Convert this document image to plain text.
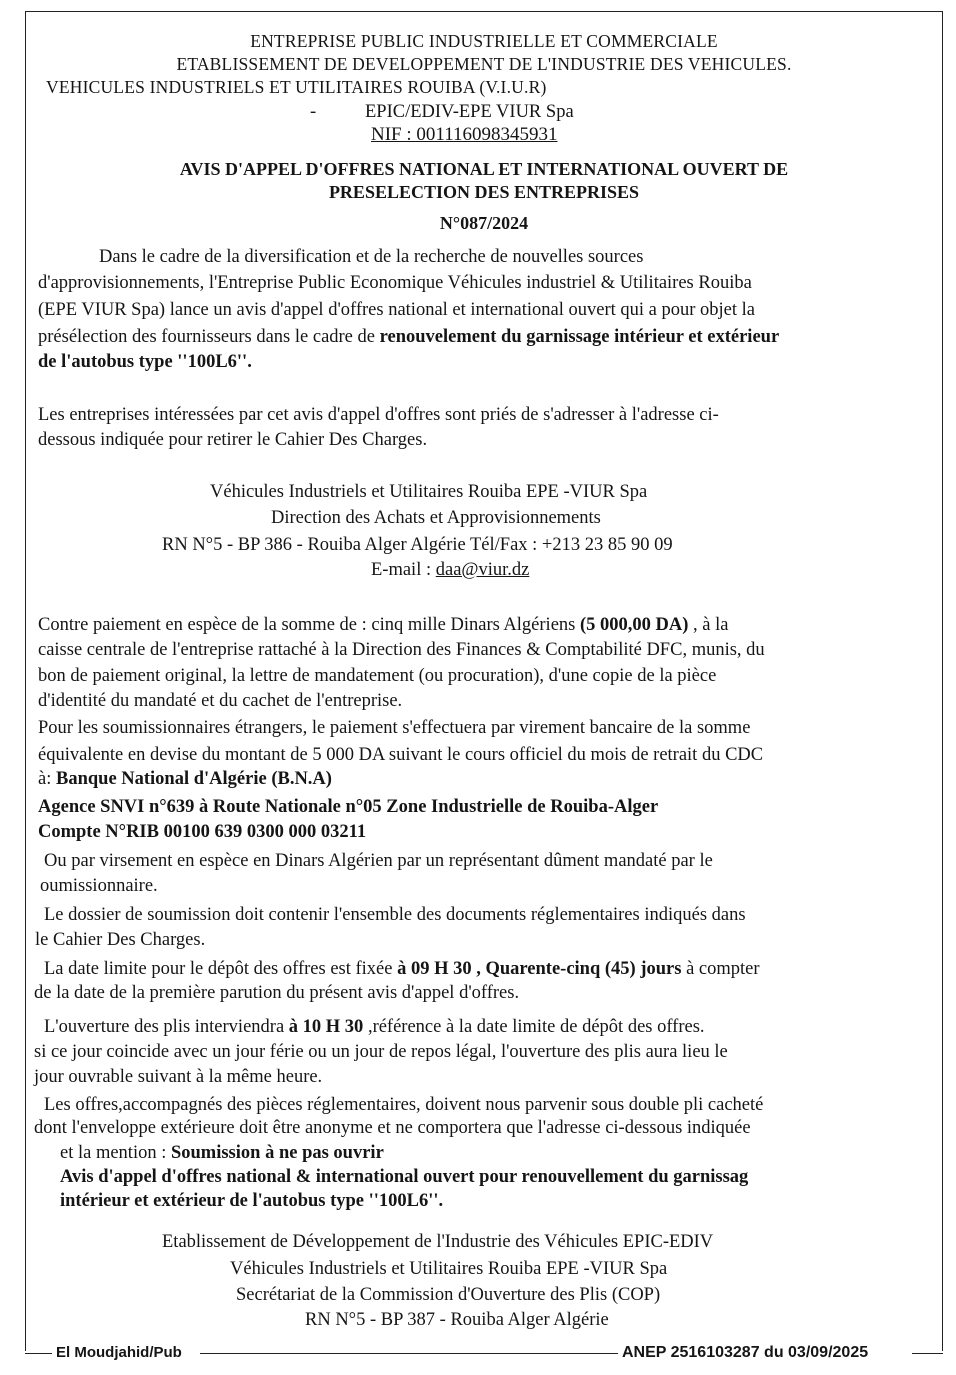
ENTREPRISE PUBLIC INDUSTRIELLE ET COMMERCIALE
ETABLISSEMENT DE DEVELOPPEMENT DE L'INDUSTRIE DES VEHICULES.
VEHICULES INDUSTRIELS ET UTILITAIRES ROUIBA (V.I.U.R)
-	EPIC/EDIV-EPE VIUR Spa
NIF : 001116098345931
AVIS D'APPEL D'OFFRES NATIONAL ET INTERNATIONAL OUVERT DE
PRESELECTION DES ENTREPRISES
N°087/2024
Dans le cadre de la diversification et de la recherche de nouvelles sources
d'approvisionnements, l'Entreprise Public Economique Véhicules industriel & Utilitaires Rouiba
(EPE VIUR Spa) lance un avis d'appel d'offres national et international ouvert qui a pour objet la
présélection des fournisseurs dans le cadre de renouvelement du garnissage intérieur et extérieur
de l'autobus type ''100L6''.
Les entreprises intéressées par cet avis d'appel d'offres sont priés de s'adresser à l'adresse ci-
dessous indiquée pour retirer le Cahier Des Charges.
Véhicules Industriels et Utilitaires Rouiba EPE -VIUR Spa
Direction des Achats et Approvisionnements
RN N°5 - BP 386 - Rouiba Alger Algérie Tél/Fax : +213 23 85 90 09
E-mail : daa@viur.dz
Contre paiement en espèce de la somme de : cinq mille Dinars Algériens (5 000,00 DA) , à la
caisse centrale de l'entreprise rattaché à la Direction des Finances & Comptabilité DFC, munis, du
bon de paiement original, la lettre de mandatement (ou procuration), d'une copie de la pièce
d'identité du mandaté et du cachet de l'entreprise.
Pour les soumissionnaires étrangers, le paiement s'effectuera par virement bancaire de la somme
équivalente en devise du montant de 5 000 DA suivant le cours officiel du mois de retrait du CDC
à: Banque National d'Algérie (B.N.A)
Agence SNVI n°639 à Route Nationale n°05 Zone Industrielle de Rouiba-Alger
Compte N°RIB 00100 639 0300 000 03211
Ou par virsement en espèce en Dinars Algérien par un représentant dûment mandaté par le
oumissionnaire.
Le dossier de soumission doit contenir l'ensemble des documents réglementaires indiqués dans
le Cahier Des Charges.
La date limite pour le dépôt des offres est fixée à 09 H 30 , Quarente-cinq (45) jours à compter
de la date de la première parution du présent avis d'appel d'offres.
L'ouverture des plis interviendra à 10 H 30 ,référence à la date limite de dépôt des offres.
si ce jour coincide avec un jour férie ou un jour de repos légal, l'ouverture des plis aura lieu le
jour ouvrable suivant à la même heure.
Les offres,accompagnés des pièces réglementaires, doivent nous parvenir sous double pli cacheté
dont l'enveloppe extérieure doit être anonyme et ne comportera que l'adresse ci-dessous indiquée
et la mention : Soumission à ne pas ouvrir
Avis d'appel d'offres national & international ouvert pour renouvellement du garnissag
intérieur et extérieur de l'autobus type ''100L6''.
Etablissement de Développement de l'Industrie des Véhicules EPIC-EDIV
Véhicules Industriels et Utilitaires Rouiba EPE -VIUR Spa
Secrétariat de la Commission d'Ouverture des Plis (COP)
RN N°5 - BP 387 - Rouiba Alger Algérie
El Moudjahid/Pub	ANEP 2516103287 du 03/09/2025
